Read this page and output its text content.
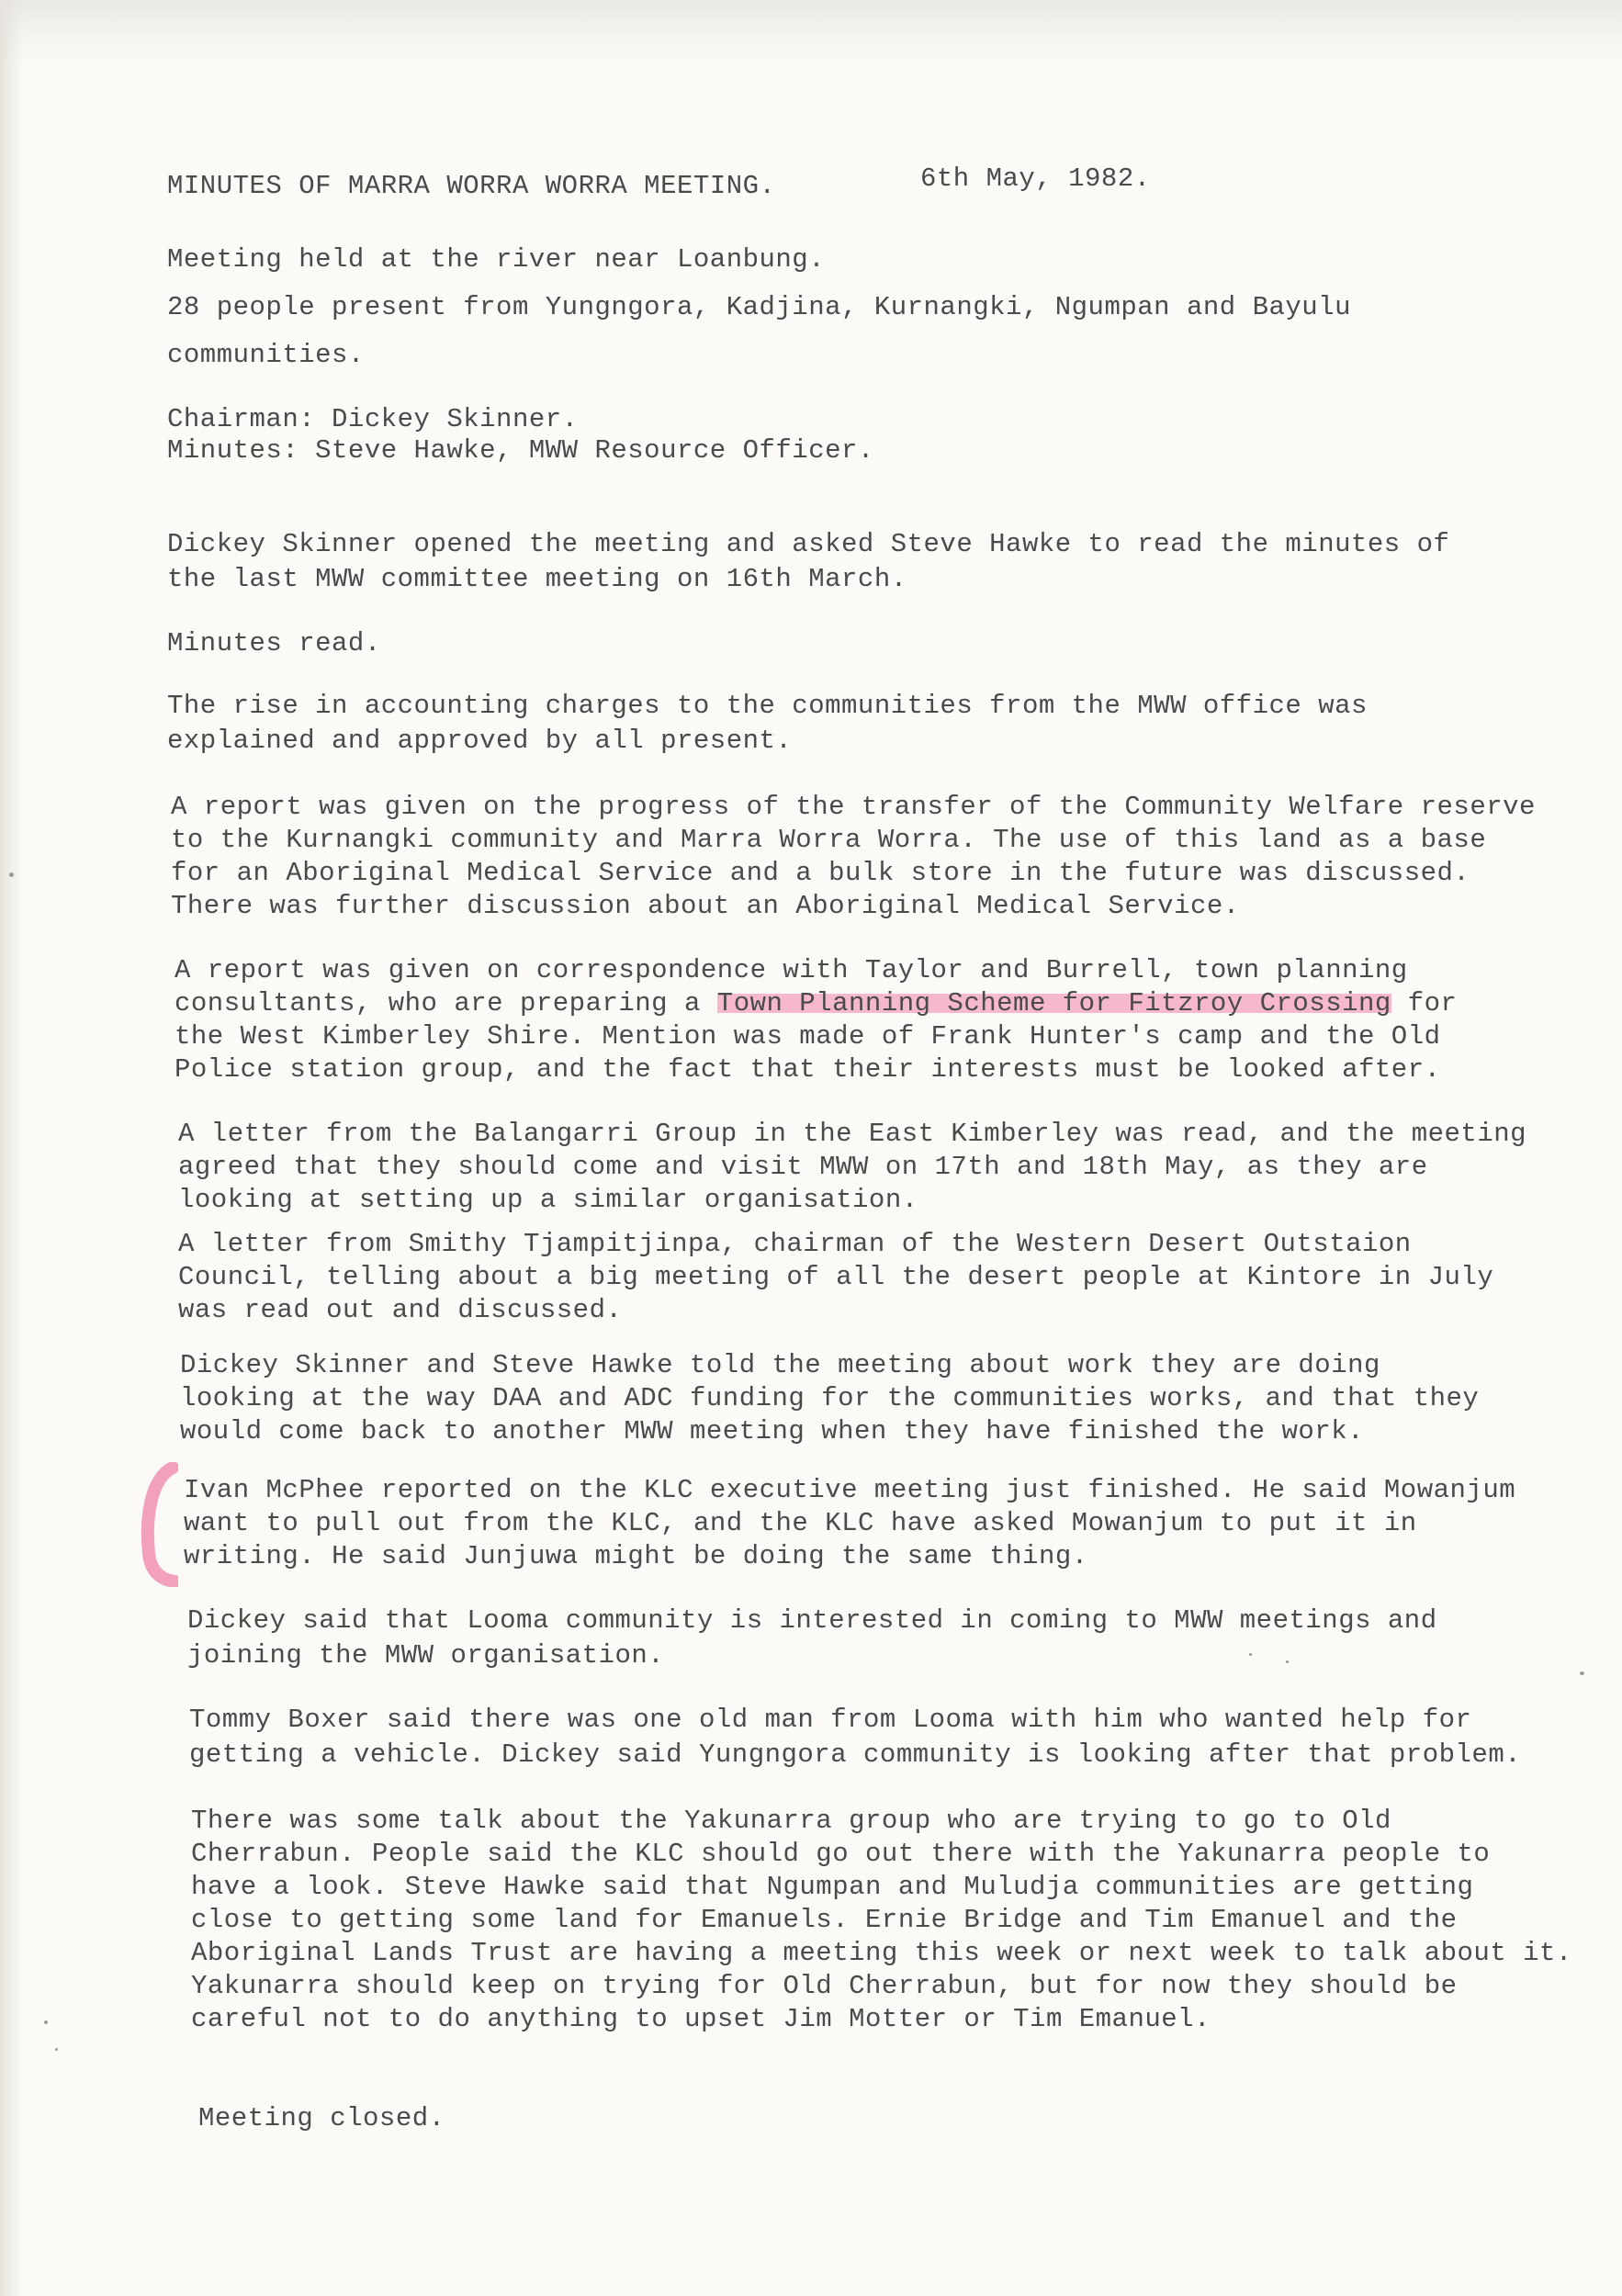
MINUTES OF MARRA WORRA WORRA MEETING.	6th May, 1982.

Meeting held at the river near Loanbung.

28 people present from Yungngora, Kadjina, Kurnangki, Ngumpan and Bayulu

communities.

Chairman: Dickey Skinner.

Minutes: Steve Hawke, MWW Resource Officer.

Dickey Skinner opened the meeting and asked Steve Hawke to read the minutes of

the last MWW committee meeting on 16th March.

Minutes read.

The rise in accounting charges to the communities from the MWW office was

explained and approved by all present.

A report was given on the progress of the transfer of the Community Welfare reserve

to the Kurnangki community and Marra Worra Worra. The use of this land as a base

for an Aboriginal Medical Service and a bulk store in the future was discussed.

There was further discussion about an Aboriginal Medical Service.

A report was given on correspondence with Taylor and Burrell, town planning

consultants, who are preparing a Town Planning Scheme for Fitzroy Crossing for

the West Kimberley Shire. Mention was made of Frank Hunter's camp and the Old

Police station group, and the fact that their interests must be looked after.

A letter from the Balangarri Group in the East Kimberley was read, and the meeting

agreed that they should come and visit MWW on 17th and 18th May, as they are

looking at setting up a similar organisation.

A letter from Smithy Tjampitjinpa, chairman of the Western Desert Outstaion

Council, telling about a big meeting of all the desert people at Kintore in July

was read out and discussed.

Dickey Skinner and Steve Hawke told the meeting about work they are doing

looking at the way DAA and ADC funding for the communities works, and that they

would come back to another MWW meeting when they have finished the work.

Ivan McPhee reported on the KLC executive meeting just finished. He said Mowanjum

want to pull out from the KLC, and the KLC have asked Mowanjum to put it in

writing. He said Junjuwa might be doing the same thing.

Dickey said that Looma community is interested in coming to MWW meetings and

joining the MWW organisation.

Tommy Boxer said there was one old man from Looma with him who wanted help for

getting a vehicle. Dickey said Yungngora community is looking after that problem.

There was some talk about the Yakunarra group who are trying to go to Old

Cherrabun. People said the KLC should go out there with the Yakunarra people to

have a look. Steve Hawke said that Ngumpan and Muludja communities are getting

close to getting some land for Emanuels. Ernie Bridge and Tim Emanuel and the

Aboriginal Lands Trust are having a meeting this week or next week to talk about it.

Yakunarra should keep on trying for Old Cherrabun, but for now they should be

careful not to do anything to upset Jim Motter or Tim Emanuel.

Meeting closed.
